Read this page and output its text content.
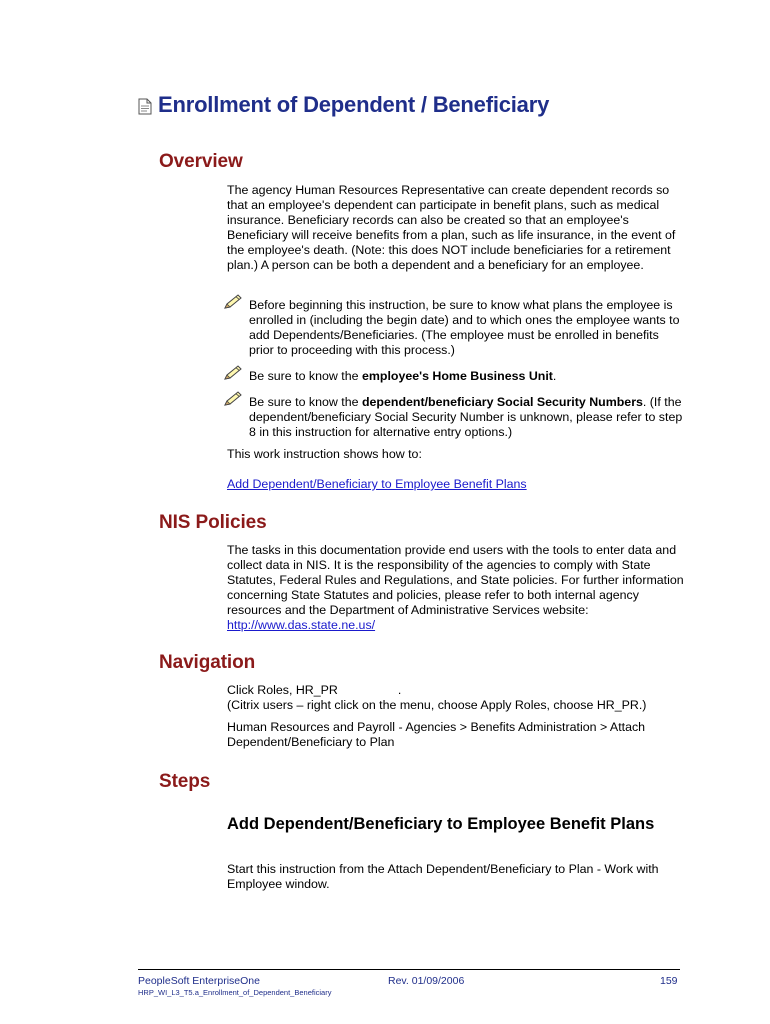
Enrollment of Dependent / Beneficiary
Overview
The agency Human Resources Representative can create dependent records so that an employee's dependent can participate in benefit plans, such as medical insurance. Beneficiary records can also be created so that an employee's Beneficiary will receive benefits from a plan, such as life insurance, in the event of the employee's death. (Note: this does NOT include beneficiaries for a retirement plan.) A person can be both a dependent and a beneficiary for an employee.
Before beginning this instruction, be sure to know what plans the employee is enrolled in (including the begin date) and to which ones the employee wants to add Dependents/Beneficiaries. (The employee must be enrolled in benefits prior to proceeding with this process.)
Be sure to know the employee's Home Business Unit.
Be sure to know the dependent/beneficiary Social Security Numbers. (If the dependent/beneficiary Social Security Number is unknown, please refer to step 8 in this instruction for alternative entry options.)
This work instruction shows how to:
Add Dependent/Beneficiary to Employee Benefit Plans
NIS Policies
The tasks in this documentation provide end users with the tools to enter data and collect data in NIS. It is the responsibility of the agencies to comply with State Statutes, Federal Rules and Regulations, and State policies. For further information concerning State Statutes and policies, please refer to both internal agency resources and the Department of Administrative Services website:
http://www.das.state.ne.us/
Navigation
Click Roles, HR_PR	.
(Citrix users – right click on the menu, choose Apply Roles, choose HR_PR.)
Human Resources and Payroll - Agencies > Benefits Administration > Attach Dependent/Beneficiary to Plan
Steps
Add Dependent/Beneficiary to Employee Benefit Plans
Start this instruction from the Attach Dependent/Beneficiary to Plan - Work with Employee window.
PeopleSoft EnterpriseOne	Rev. 01/09/2006	159
HRP_WI_L3_T5.a_Enrollment_of_Dependent_Beneficiary
